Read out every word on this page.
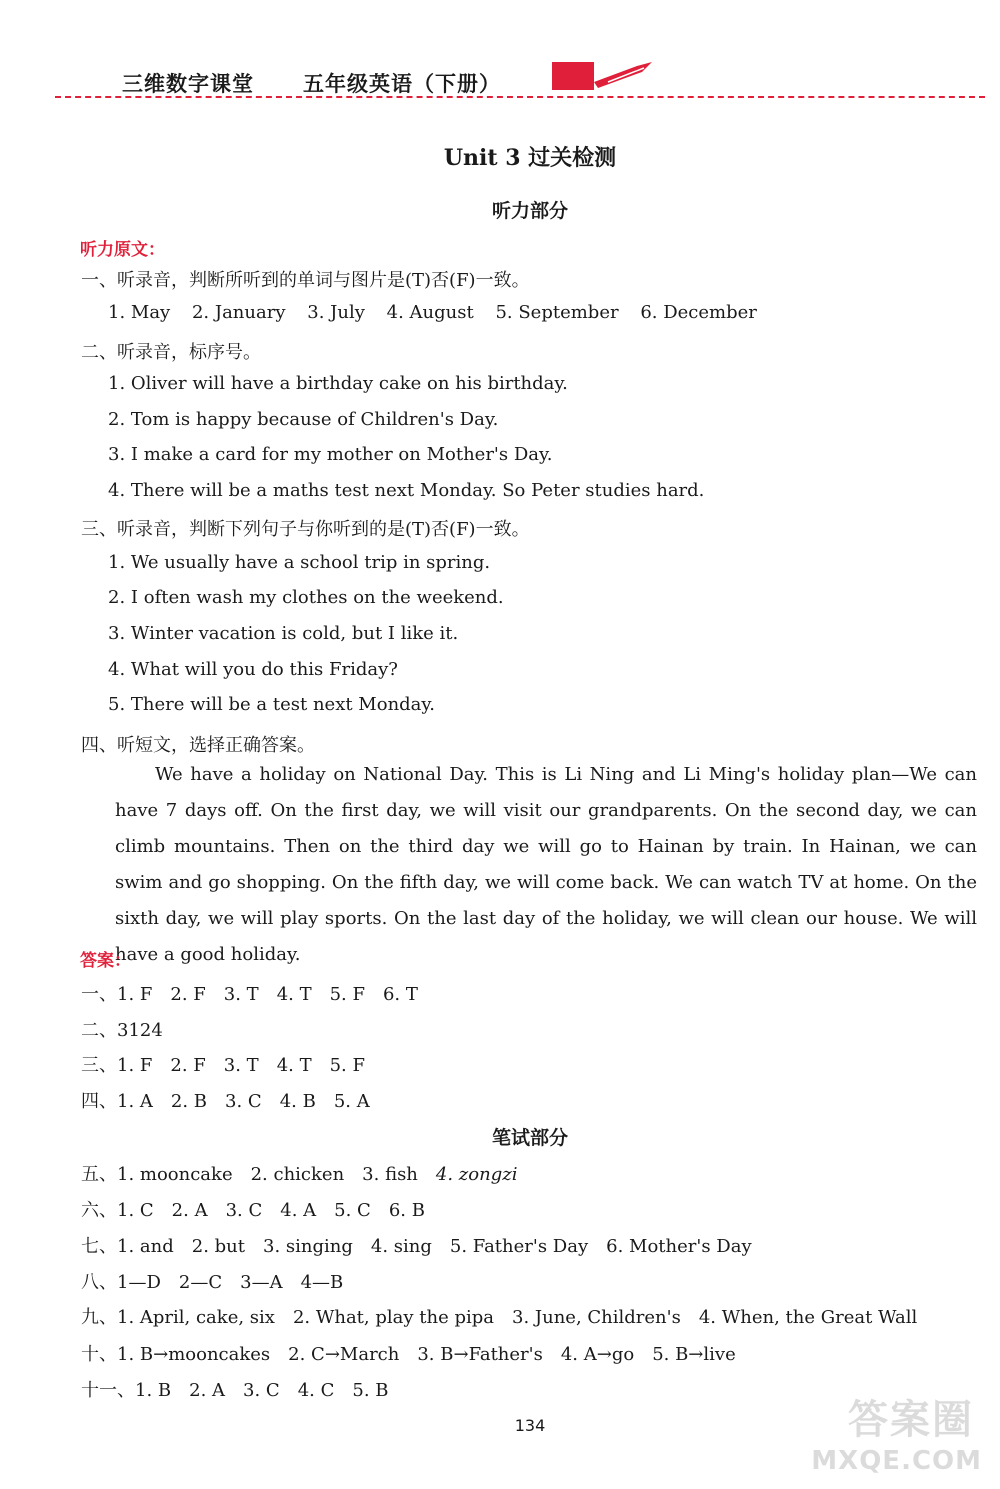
三维数字课堂 五年级英语（下册）
Unit 3 过关检测
听力部分
听力原文：
一、听录音，判断所听到的单词与图片是(T)否(F)一致。
1. May 2. January 3. July 4. August 5. September 6. December
二、听录音，标序号。
1. Oliver will have a birthday cake on his birthday.
2. Tom is happy because of Children's Day.
3. I make a card for my mother on Mother's Day.
4. There will be a maths test next Monday. So Peter studies hard.
三、听录音，判断下列句子与你听到的是(T)否(F)一致。
1. We usually have a school trip in spring.
2. I often wash my clothes on the weekend.
3. Winter vacation is cold, but I like it.
4. What will you do this Friday?
5. There will be a test next Monday.
四、听短文，选择正确答案。

We have a holiday on National Day. This is Li Ning and Li Ming's holiday plan—We can have 7 days off. On the first day, we will visit our grandparents. On the second day, we can climb mountains. Then on the third day we will go to Hainan by train. In Hainan, we can swim and go shopping. On the fifth day, we will come back. We can watch TV at home. On the sixth day, we will play sports. On the last day of the holiday, we will clean our house. We will have a good holiday.

答案：
一、1. F 2. F 3. T 4. T 5. F 6. T
二、3124
三、1. F 2. F 3. T 4. T 5. F
四、1. A 2. B 3. C 4. B 5. A
笔试部分
五、1. mooncake 2. chicken 3. fish 4. zongzi
六、1. C 2. A 3. C 4. A 5. C 6. B
七、1. and 2. but 3. singing 4. sing 5. Father's Day 6. Mother's Day
八、1—D 2—C 3—A 4—B
九、1. April, cake, six 2. What, play the pipa 3. June, Children's 4. When, the Great Wall
十、1. B→mooncakes 2. C→March 3. B→Father's 4. A→go 5. B→live
十一、1. B 2. A 3. C 4. C 5. B
134	答案圈
MXQE.COM
